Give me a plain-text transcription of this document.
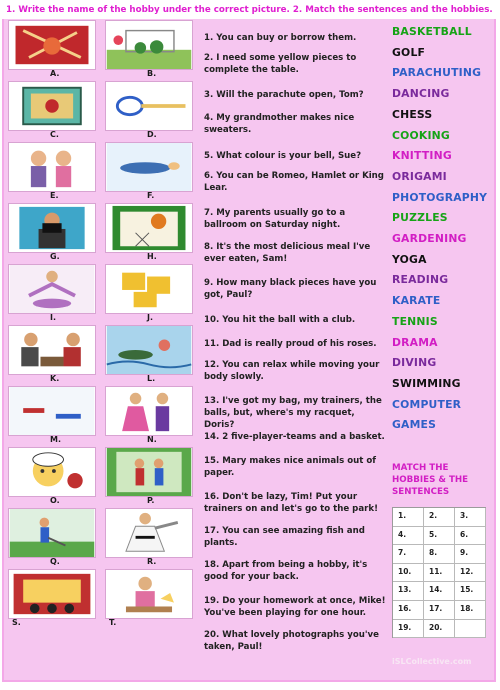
1. Write the name of the hobby under the correct picture. 2. Match the sentences and the hobbies.
A.	B.
C.	D.
E.	F.
G.	H.
I.	J.
K.	L.
M.	N.
O.	P.
Q.	R.
S.	T.
1. You can buy or borrow them.
2. I need some yellow pieces to complete the table.
3. Will the parachute open, Tom?
4. My grandmother makes nice sweaters.
5. What colour is your bell, Sue?
6. You can be Romeo, Hamlet or King Lear.
7. My parents usually go to a ballroom on Saturday night.
8. It's the most delicious meal I've ever eaten, Sam!
9. How many black pieces have you got, Paul?
10. You hit the ball with a club.
11. Dad is really proud of his roses.
12. You can relax while moving your body slowly.
13. I've got my bag, my trainers, the balls, but, where's my racquet, Doris?
14. 2 five-player-teams and a basket.
15. Mary makes nice animals out of paper.
16. Don't be lazy, Tim! Put your trainers on and let's go to the park!
17. You can see amazing fish and plants.
18. Apart from being a hobby, it's good for your back.
19. Do your homework at once, Mike! You've been playing for one hour.
20. What lovely photographs you've taken, Paul!
BASKETBALL
GOLF
PARACHUTING
DANCING
CHESS
COOKING
KNITTING
ORIGAMI
PHOTOGRAPHY
PUZZLES
GARDENING
YOGA
READING
KARATE
TENNIS
DRAMA
DIVING
SWIMMING
COMPUTER
GAMES
MATCH THE HOBBIES & THE SENTENCES
1.	2.	3.
4.	5.	6.
7.	8.	9.
10.	11.	12.
13.	14.	15.
16.	17.	18.
19.	20.
iSLCollective.com
